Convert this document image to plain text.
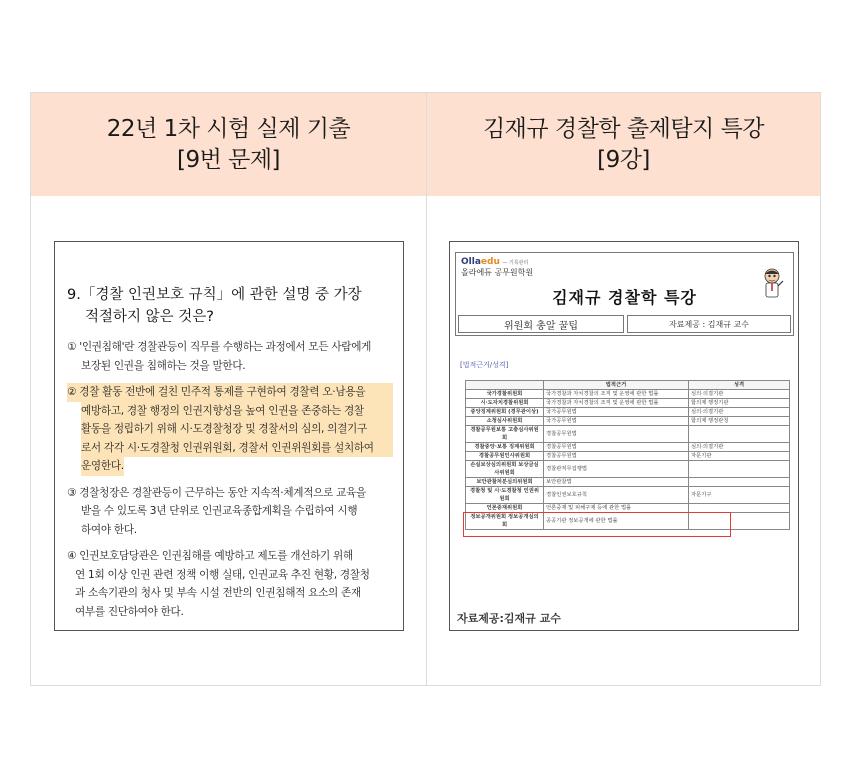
22년 1차 시험 실제 기출
[9번 문제]
김재규 경찰학 출제탐지 특강
[9강]
9.「경찰 인권보호 규칙」에 관한 설명 중 가장
적절하지 않은 것은?
① '인권침해'란 경찰관등이 직무를 수행하는 과정에서 모든 사람에게
보장된 인권을 침해하는 것을 말한다.
② 경찰 활동 전반에 걸친 민주적 통제를 구현하여 경찰력 오·남용을
예방하고, 경찰 행정의 인권지향성을 높여 인권을 존중하는 경찰
활동을 정립하기 위해 시·도경찰청장 및 경찰서의 심의, 의결기구
로서 각각 시·도경찰청 인권위원회, 경찰서 인권위원회를 설치하여
운영한다.
③ 경찰청장은 경찰관등이 근무하는 동안 지속적·체계적으로 교육을
받을 수 있도록 3년 단위로 인권교육종합계획을 수립하여 시행
하여야 한다.
④ 인권보호담당관은 인권침해를 예방하고 제도를 개선하기 위해
연 1회 이상 인권 관련 정책 이행 실태, 인권교육 추진 현황, 경찰청
과 소속기관의 청사 및 부속 시설 전반의 인권침해적 요소의 존재
여부를 진단하여야 한다.
Ollaedu — 기록관리
올라에듀 공무원학원
김재규 경찰학 특강
위원회 총알 꿀팁	자료제공 : 김재규 교수
[법적근거/성격]
	법적근거	성격
국가경찰위원회	국가경찰과 자치경찰의 조직 및 운영에 관한 법률	심의·의결기관
시·도자치경찰위원회	국가경찰과 자치경찰의 조직 및 운영에 관한 법률	합의제 행정기관
중앙징계위원회 (경무관이상)	국가공무원법	심의·의결기관
소청심사위원회	국가공무원법	합의제 행정관청
경찰공무원보통 고충심사위원회	경찰공무원법	
경찰중앙·보통 징계위원회	경찰공무원법	심의·의결기관
경찰공무원인사위원회	경찰공무원법	자문기관
손실보상심의위원회 보상금심사위원회	경찰관직무집행법	
보안관찰처분심의위원회	보안관찰법	
경찰청 및 시·도경찰청 인권위원회	경찰인권보호규칙	자문기구
언론중재위원회	언론중재 및 피해구제 등에 관한 법률	
정보공개위원회 정보공개심의회	공공기관 정보공개에 관한 법률	
자료제공:김재규 교수
